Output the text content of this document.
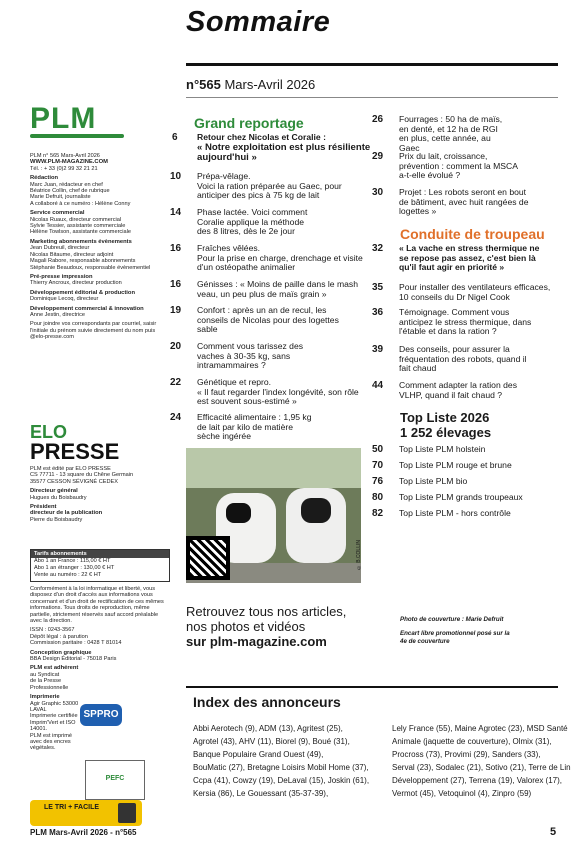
Sommaire
n°565 Mars-Avril 2026
PLM
PLM n° 565 Mars-Avril 2026
WWW.PLM-MAGAZINE.COM
Tél. : + 33 (0)2 99 32 21 21
Rédaction
Marc Juan, rédacteur en chef
Béatrice Collin, chef de rubrique
Marie Defruit, journaliste
A collaboré à ce numéro : Hélène Conny
Service commercial
Nicolas Ruaux, directeur commercial
Sylvie Tessier, assistante commerciale
Hélène Towlson, assistante commerciale
Marketing abonnements évènements
Jean Dubreuil, directeur
Nicolas Bitaume, directeur adjoint
Magali Rabore, responsable abonnements
Stéphanie Beaudoux, responsable évènementiel
Pré-presse impression
Thierry Ancroux, directeur production
Développement éditorial & production
Dominique Lecoq, directeur
Développement commercial & innovation
Anne Jestin, directrice
Pour joindre vos correspondants par courriel, saisir l'initiale du prénom suivie directement du nom puis @elo-presse.com
ELO
PRESSE
PLM est édité par ELO PRESSE
CS 77711 - 13 square du Chêne Germain
35577 CESSON SÉVIGNÉ CEDEX
Directeur général
Hugues du Boisbaudry
Président
directeur de la publication
Pierre du Boisbaudry
Tarifs abonnements
Abo 1 an France : 115,00 € HT
Abo 1 an étranger : 130,00 € HT
Vente au numéro : 22 € HT
Conformément à la loi informatique et liberté, vous disposez d'un droit d'accès aux informations vous concernant et d'un droit de rectification de ces mêmes informations. Tous droits de reproduction, même partielle, strictement réservés sauf accord préalable avec la direction.
ISSN : 0243-3567
Dépôt légal : à parution
Commission paritaire : 0428 T 81014
Conception graphique
BBA Design Éditorial - 75018 Paris
PLM est adhérent
au Syndicat
de la Presse
Professionnelle
Imprimerie
Agir Graphic 53000 LAVAL
Imprimerie certifiée Imprim'Vert et ISO 14001.
PLM est imprimé avec des encres végétales.
SPPRO
PEFC
LE TRI + FACILE
Grand reportage
6	Retour chez Nicolas et Coralie :
« Notre exploitation est plus résiliente aujourd'hui »
10	Prépa-vêlage.
Voici la ration préparée au Gaec, pour anticiper des pics à 75 kg de lait
14	Phase lactée. Voici comment Coralie applique la méthode des 8 litres, dès le 2e jour
16	Fraîches vêlées.
Pour la prise en charge, drenchage et visite d'un ostéopathe animalier
16	Génisses : « Moins de paille dans le mash veau, un peu plus de maïs grain »
19	Confort : après un an de recul, les conseils de Nicolas pour des logettes sable
20	Comment vous tarissez des vaches à 30-35 kg, sans intramammaires ?
22	Génétique et repro.
« Il faut regarder l'index longévité, son rôle est souvent sous-estimé »
24	Efficacité alimentaire : 1,95 kg de lait par kilo de matière sèche ingérée
26	Fourrages : 50 ha de maïs, en denté, et 12 ha de RGI en plus, cette année, au Gaec
29	Prix du lait, croissance, prévention : comment la MSCA a-t-elle évolué ?
30	Projet : Les robots seront en bout de bâtiment, avec huit rangées de logettes »
Conduite de troupeau
32	« La vache en stress thermique ne se repose pas assez, c'est bien là qu'il faut agir en priorité »
35	Pour installer des ventilateurs efficaces, 10 conseils du Dr Nigel Cook
36	Témoignage. Comment vous anticipez le stress thermique, dans l'étable et dans la ration ?
39	Des conseils, pour assurer la fréquentation des robots, quand il fait chaud
44	Comment adapter la ration des VLHP, quand il fait chaud ?
Top Liste 2026
1 252 élevages
50	Top Liste PLM holstein
70	Top Liste PLM rouge et brune
76	Top Liste PLM bio
80	Top Liste PLM grands troupeaux
82	Top Liste PLM - hors contrôle
© B.COLLIN
Retrouvez tous nos articles,
nos photos et vidéos
sur plm-magazine.com
Photo de couverture : Marie Defruit
Encart libre promotionnel posé sur la 4e de couverture
Index des annonceurs
Abbi Aerotech (9), ADM (13), Agritest (25),
Agrotel (43), AHV (11), Biorel (9), Boué (31),
Banque Populaire Grand Ouest (49),
BouMatic (27), Bretagne Loisirs Mobil Home (37),
Ccpa (41), Cowzy (19), DeLaval (15), Joskin (61),
Kersia (86), Le Gouessant (35-37-39),
Lely France (55), Maine Agrotec (23), MSD Santé
Animale (jaquette de couverture), Olmix (31),
Procross (73), Provimi (29), Sanders (33),
Serval (23), Sodalec (21), Sotivo (21), Terre de Lin
Développement (27), Terrena (19), Valorex (17),
Vermot (45), Vetoquinol (4), Zinpro (59)
PLM Mars-Avril 2026 - n°565	5
